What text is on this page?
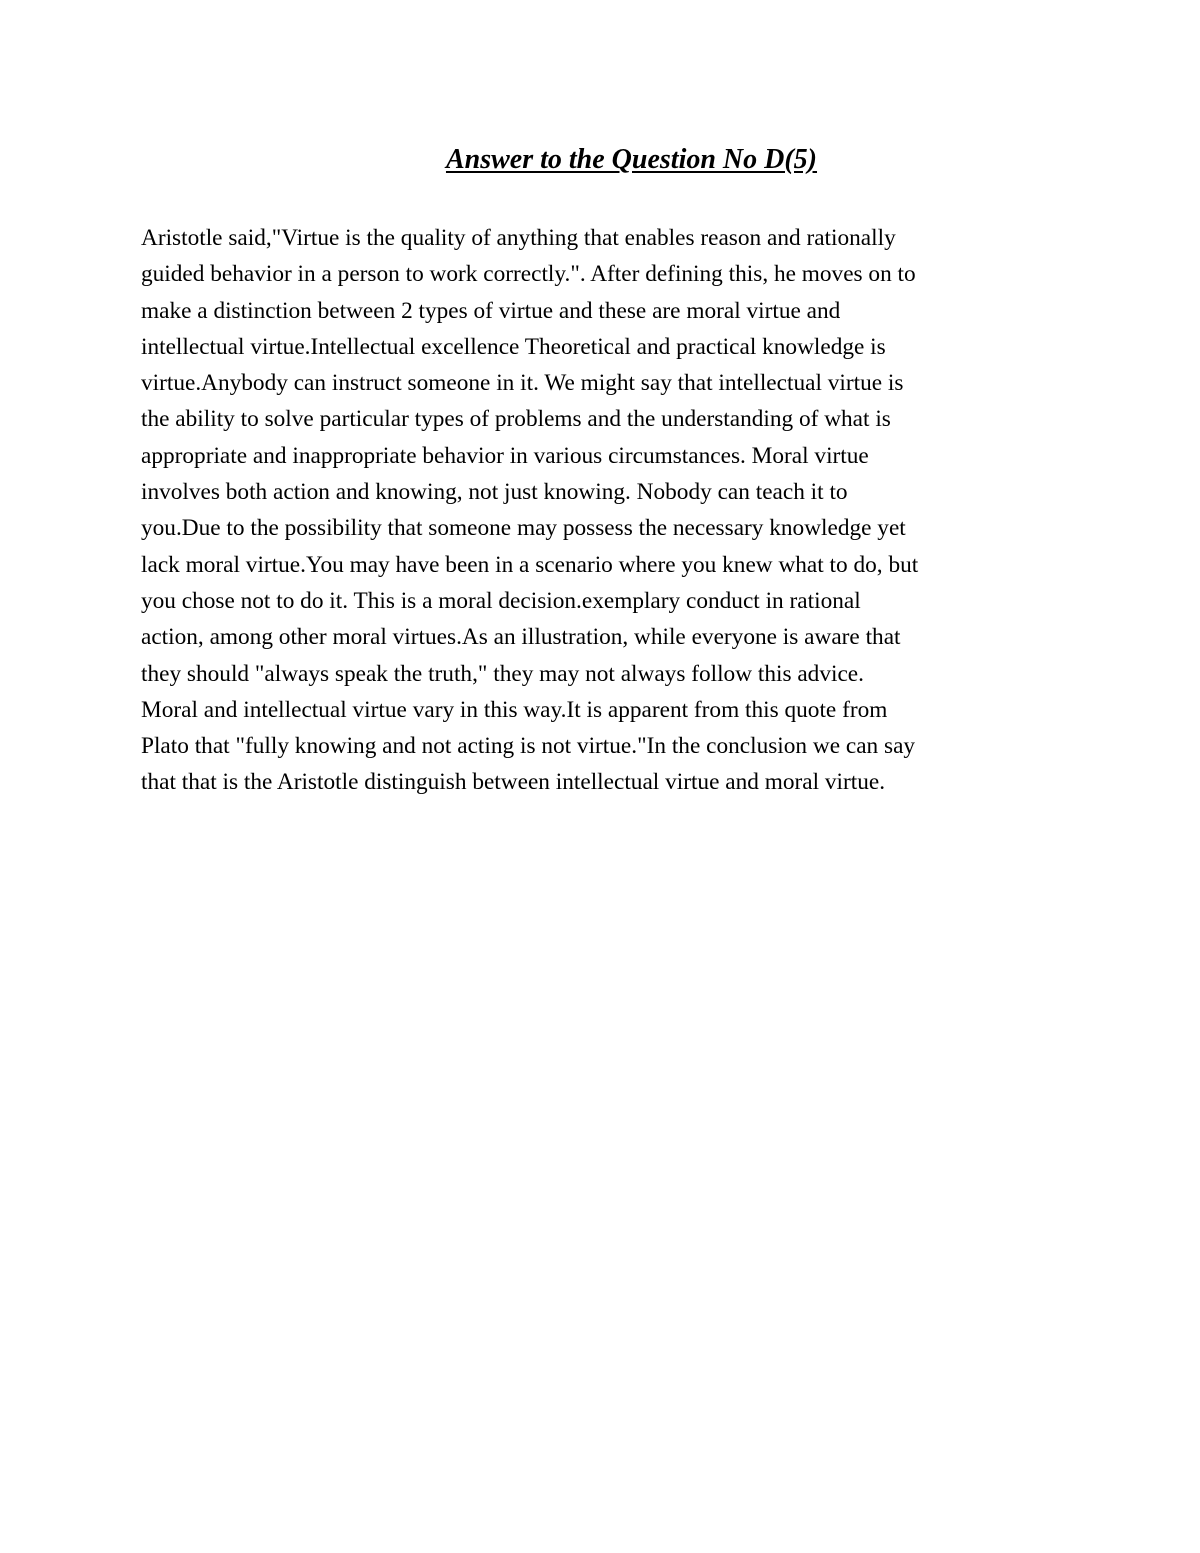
Answer to the Question No D(5)
Aristotle said,"Virtue is the quality of anything that enables reason and rationally
guided behavior in a person to work correctly.". After defining this, he moves on to
make a distinction between 2 types of virtue and these are moral virtue and
intellectual virtue.Intellectual excellence Theoretical and practical knowledge is
virtue.Anybody can instruct someone in it. We might say that intellectual virtue is
the ability to solve particular types of problems and the understanding of what is
appropriate and inappropriate behavior in various circumstances. Moral virtue
involves both action and knowing, not just knowing. Nobody can teach it to
you.Due to the possibility that someone may possess the necessary knowledge yet
lack moral virtue.You may have been in a scenario where you knew what to do, but
you chose not to do it. This is a moral decision.exemplary conduct in rational
action, among other moral virtues.As an illustration, while everyone is aware that
they should "always speak the truth," they may not always follow this advice.
Moral and intellectual virtue vary in this way.It is apparent from this quote from
Plato that "fully knowing and not acting is not virtue."In the conclusion we can say
that that is the Aristotle distinguish between intellectual virtue and moral virtue.
